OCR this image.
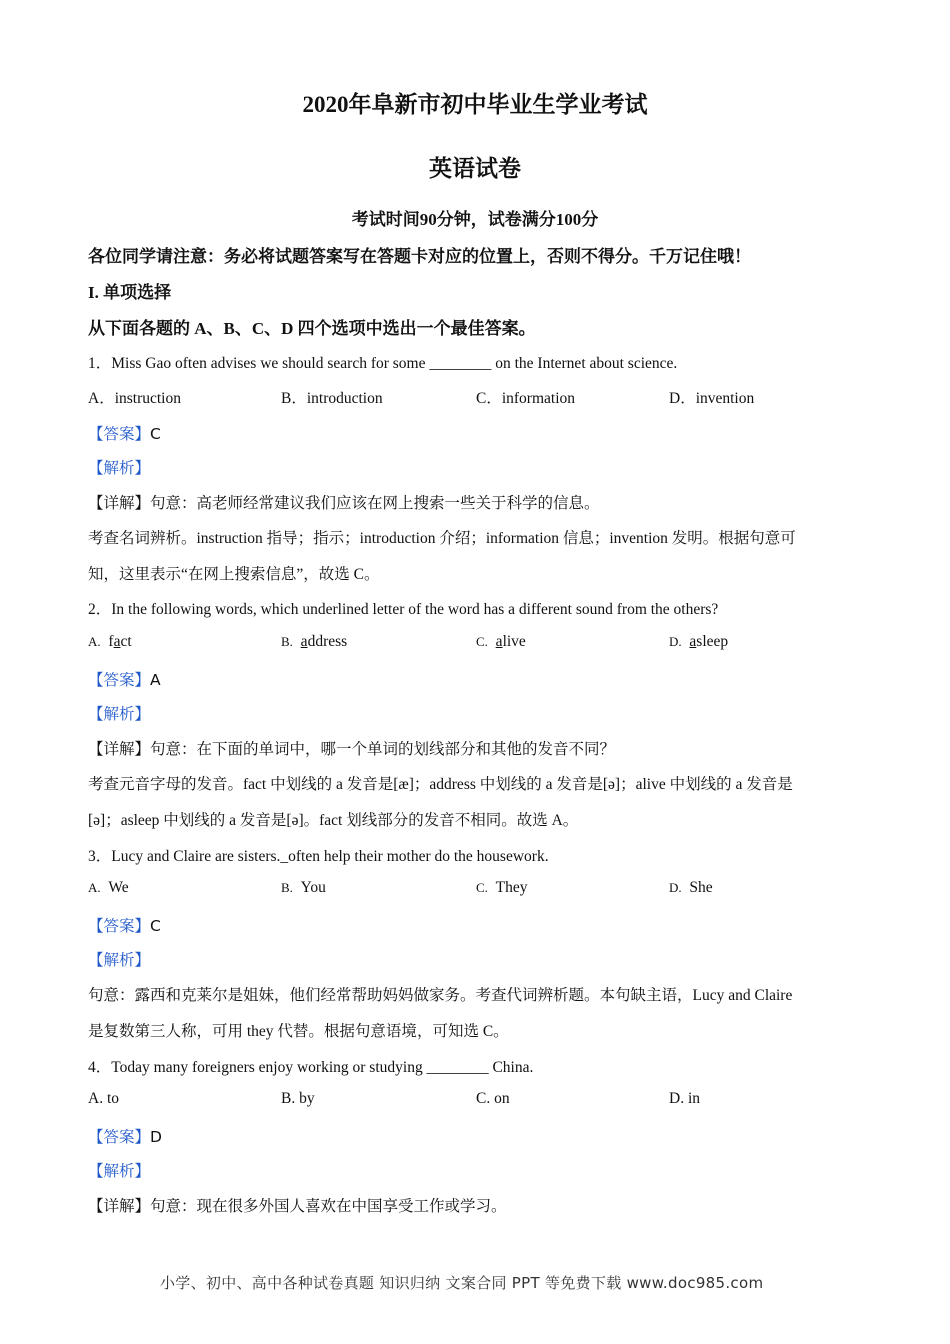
2020年阜新市初中毕业生学业考试
英语试卷
考试时间90分钟，试卷满分100分
各位同学请注意：务必将试题答案写在答题卡对应的位置上，否则不得分。千万记住哦！
I. 单项选择
从下面各题的 A、B、C、D 四个选项中选出一个最佳答案。
1．Miss Gao often advises we should search for some ________ on the Internet about science.
A．instruction	B．introduction	C．information	D．invention
【答案】C
【解析】
【详解】句意：高老师经常建议我们应该在网上搜索一些关于科学的信息。
考查名词辨析。instruction 指导；指示；introduction 介绍；information 信息；invention 发明。根据句意可
知，这里表示“在网上搜索信息”，故选 C。
2．In the following words, which underlined letter of the word has a different sound from the others?
A. fact	B. address	C. alive	D. asleep
【答案】A
【解析】
【详解】句意：在下面的单词中，哪一个单词的划线部分和其他的发音不同？
考查元音字母的发音。fact 中划线的 a 发音是[æ]；address 中划线的 a 发音是[ə]；alive 中划线的 a 发音是
[ə]；asleep 中划线的 a 发音是[ə]。fact 划线部分的发音不相同。故选 A。
3．Lucy and Claire are sisters._often help their mother do the housework.
A. We	B. You	C. They	D. She
【答案】C
【解析】
句意：露西和克莱尔是姐妹，他们经常帮助妈妈做家务。考查代词辨析题。本句缺主语，Lucy and Claire
是复数第三人称，可用 they 代替。根据句意语境，可知选 C。
4．Today many foreigners enjoy working or studying ________ China.
A. to	B. by	C. on	D. in
【答案】D
【解析】
【详解】句意：现在很多外国人喜欢在中国享受工作或学习。
小学、初中、高中各种试卷真题 知识归纳 文案合同 PPT 等免费下载 www.doc985.com
